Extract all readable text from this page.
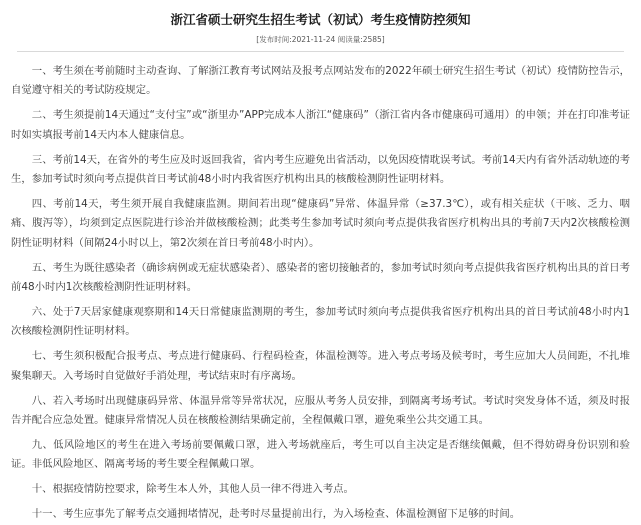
浙江省硕士研究生招生考试（初试）考生疫情防控须知
[发布时间:2021-11-24 阅读量:2585]

一、考生须在考前随时主动查询、了解浙江教育考试网站及报考点网站发布的2022年硕士研究生招生考试（初试）疫情防控告示，自觉遵守相关的考试防疫规定。

二、考生须提前14天通过“支付宝”或“浙里办”APP完成本人浙江“健康码”（浙江省内各市健康码可通用）的申领；并在打印准考证时如实填报考前14天内本人健康信息。

三、考前14天，在省外的考生应及时返回我省，省内考生应避免出省活动，以免因疫情耽误考试。考前14天内有省外活动轨迹的考生，参加考试时须向考点提供首日考试前48小时内我省医疗机构出具的核酸检测阴性证明材料。

四、考前14天，考生须开展自我健康监测。期间若出现“健康码”异常、体温异常（≥37.3℃），或有相关症状（干咳、乏力、咽痛、腹泻等），均须到定点医院进行诊治并做核酸检测；此类考生参加考试时须向考点提供我省医疗机构出具的考前7天内2次核酸检测阴性证明材料（间隔24小时以上，第2次须在首日考前48小时内）。

五、考生为既往感染者（确诊病例或无症状感染者）、感染者的密切接触者的，参加考试时须向考点提供我省医疗机构出具的首日考前48小时内1次核酸检测阴性证明材料。

六、处于7天居家健康观察期和14天日常健康监测期的考生，参加考试时须向考点提供我省医疗机构出具的首日考试前48小时内1次核酸检测阴性证明材料。

七、考生须积极配合报考点、考点进行健康码、行程码检查，体温检测等。进入考点考场及候考时，考生应加大人员间距，不扎堆聚集聊天。入考场时自觉做好手消处理，考试结束时有序离场。

八、若入考场时出现健康码异常、体温异常等异常状况，应服从考务人员安排，到隔离考场考试。考试时突发身体不适，须及时报告并配合应急处置。健康异常情况人员在核酸检测结果确定前，全程佩戴口罩，避免乘坐公共交通工具。

九、低风险地区的考生在进入考场前要佩戴口罩，进入考场就座后，考生可以自主决定是否继续佩戴，但不得妨碍身份识别和验证。非低风险地区、隔离考场的考生要全程佩戴口罩。

十、根据疫情防控要求，除考生本人外，其他人员一律不得进入考点。

十一、考生应事先了解考点交通拥堵情况，赴考时尽量提前出行，为入场检查、体温检测留下足够的时间。
